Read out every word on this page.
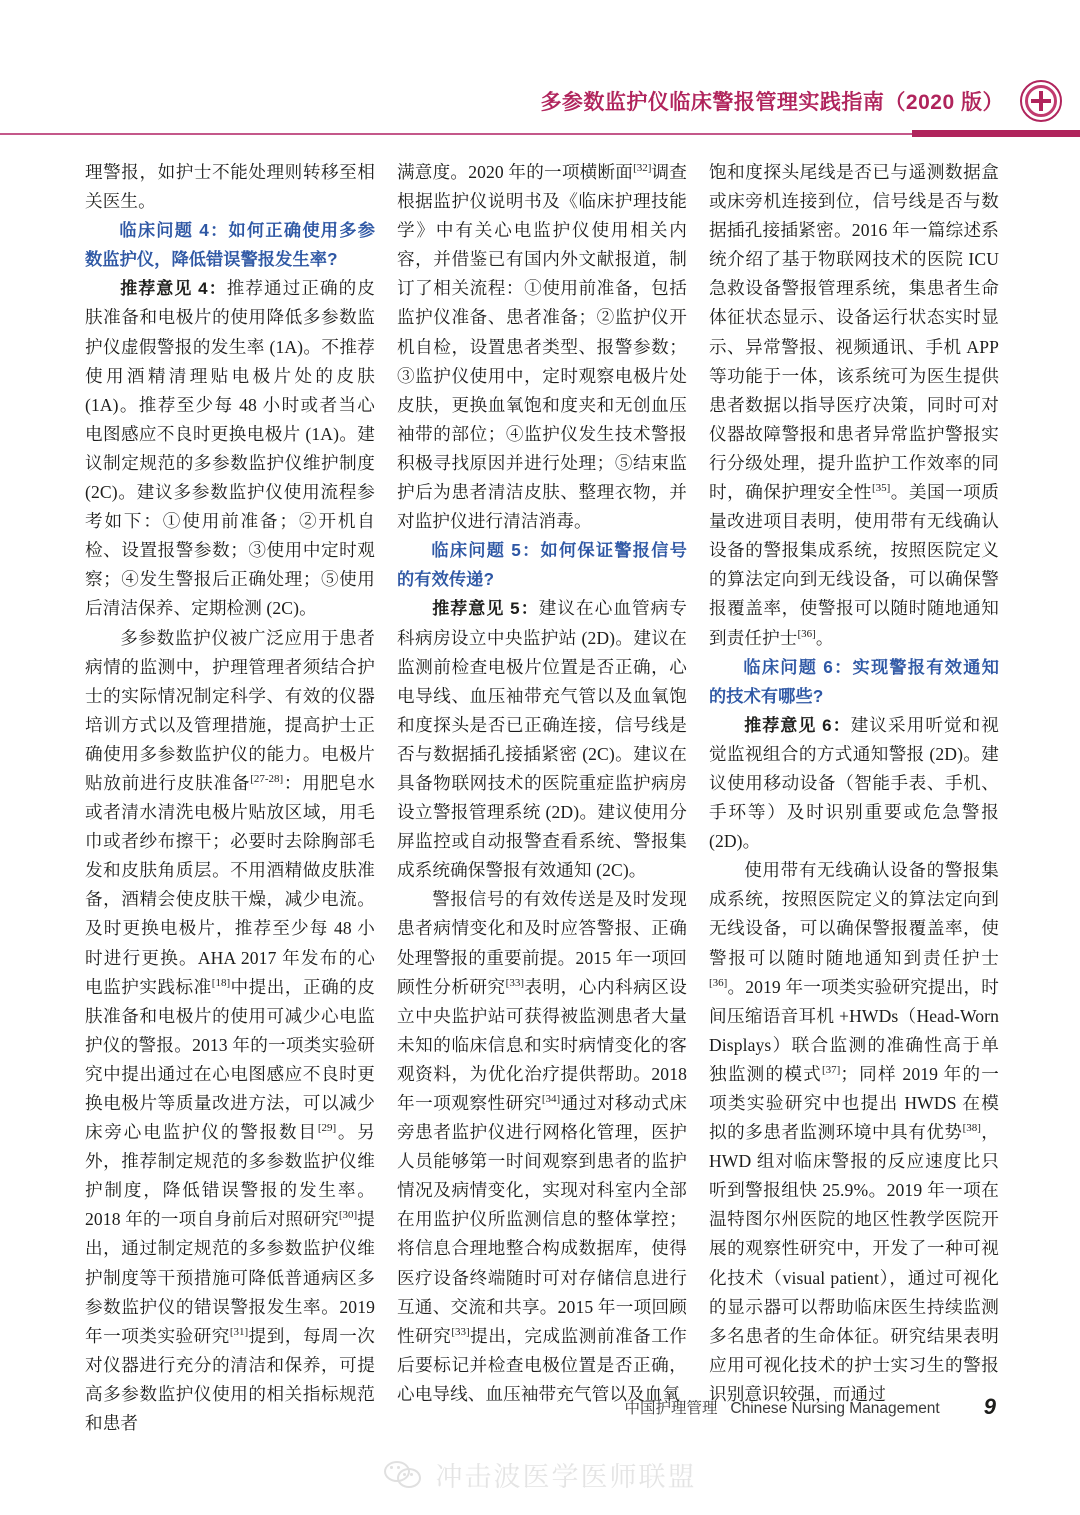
多参数监护仪临床警报管理实践指南（2020 版）

理警报，如护士不能处理则转移至相关医生。

临床问题 4：如何正确使用多参数监护仪，降低错误警报发生率?

推荐意见 4：推荐通过正确的皮肤准备和电极片的使用降低多参数监护仪虚假警报的发生率 (1A)。不推荐使用酒精清理贴电极片处的皮肤 (1A)。推荐至少每 48 小时或者当心电图感应不良时更换电极片 (1A)。建议制定规范的多参数监护仪维护制度 (2C)。建议多参数监护仪使用流程参考如下：①使用前准备；②开机自检、设置报警参数；③使用中定时观察；④发生警报后正确处理；⑤使用后清洁保养、定期检测 (2C)。

多参数监护仪被广泛应用于患者病情的监测中，护理管理者须结合护士的实际情况制定科学、有效的仪器培训方式以及管理措施，提高护士正确使用多参数监护仪的能力。电极片贴放前进行皮肤准备[27-28]：用肥皂水或者清水清洗电极片贴放区域，用毛巾或者纱布擦干；必要时去除胸部毛发和皮肤角质层。不用酒精做皮肤准备，酒精会使皮肤干燥，减少电流。及时更换电极片，推荐至少每 48 小时进行更换。AHA 2017 年发布的心电监护实践标准[18]中提出，正确的皮肤准备和电极片的使用可减少心电监护仪的警报。2013 年的一项类实验研究中提出通过在心电图感应不良时更换电极片等质量改进方法，可以减少床旁心电监护仪的警报数目[29]。另外，推荐制定规范的多参数监护仪维护制度，降低错误警报的发生率。2018 年的一项自身前后对照研究[30]提出，通过制定规范的多参数监护仪维护制度等干预措施可降低普通病区多参数监护仪的错误警报发生率。2019 年一项类实验研究[31]提到，每周一次对仪器进行充分的清洁和保养，可提高多参数监护仪使用的相关指标规范和患者

满意度。2020 年的一项横断面[32]调查根据监护仪说明书及《临床护理技能学》中有关心电监护仪使用相关内容，并借鉴已有国内外文献报道，制订了相关流程：①使用前准备，包括监护仪准备、患者准备；②监护仪开机自检，设置患者类型、报警参数；③监护仪使用中，定时观察电极片处皮肤，更换血氧饱和度夹和无创血压袖带的部位；④监护仪发生技术警报积极寻找原因并进行处理；⑤结束监护后为患者清洁皮肤、整理衣物，并对监护仪进行清洁消毒。

临床问题 5：如何保证警报信号的有效传递?

推荐意见 5：建议在心血管病专科病房设立中央监护站 (2D)。建议在监测前检查电极片位置是否正确，心电导线、血压袖带充气管以及血氧饱和度探头是否已正确连接，信号线是否与数据插孔接插紧密 (2C)。建议在具备物联网技术的医院重症监护病房设立警报管理系统 (2D)。建议使用分屏监控或自动报警查看系统、警报集成系统确保警报有效通知 (2C)。

警报信号的有效传送是及时发现患者病情变化和及时应答警报、正确处理警报的重要前提。2015 年一项回顾性分析研究[33]表明，心内科病区设立中央监护站可获得被监测患者大量未知的临床信息和实时病情变化的客观资料，为优化治疗提供帮助。2018 年一项观察性研究[34]通过对移动式床旁患者监护仪进行网格化管理，医护人员能够第一时间观察到患者的监护情况及病情变化，实现对科室内全部在用监护仪所监测信息的整体掌控；将信息合理地整合构成数据库，使得医疗设备终端随时可对存储信息进行互通、交流和共享。2015 年一项回顾性研究[33]提出，完成监测前准备工作后要标记并检查电极位置是否正确，心电导线、血压袖带充气管以及血氧

饱和度探头尾线是否已与遥测数据盒或床旁机连接到位，信号线是否与数据插孔接插紧密。2016 年一篇综述系统介绍了基于物联网技术的医院 ICU 急救设备警报管理系统，集患者生命体征状态显示、设备运行状态实时显示、异常警报、视频通讯、手机 APP 等功能于一体，该系统可为医生提供患者数据以指导医疗决策，同时可对仪器故障警报和患者异常监护警报实行分级处理，提升监护工作效率的同时，确保护理安全性[35]。美国一项质量改进项目表明，使用带有无线确认设备的警报集成系统，按照医院定义的算法定向到无线设备，可以确保警报覆盖率，使警报可以随时随地通知到责任护士[36]。

临床问题 6：实现警报有效通知的技术有哪些?

推荐意见 6：建议采用听觉和视觉监视组合的方式通知警报 (2D)。建议使用移动设备（智能手表、手机、手环等）及时识别重要或危急警报 (2D)。

使用带有无线确认设备的警报集成系统，按照医院定义的算法定向到无线设备，可以确保警报覆盖率，使警报可以随时随地通知到责任护士[36]。2019 年一项类实验研究提出，时间压缩语音耳机 +HWDs（Head-Worn Displays）联合监测的准确性高于单独监测的模式[37]；同样 2019 年的一项类实验研究中也提出 HWDS 在模拟的多患者监测环境中具有优势[38]，HWD 组对临床警报的反应速度比只听到警报组快 25.9%。2019 年一项在温特图尔州医院的地区性教学医院开展的观察性研究中，开发了一种可视化技术（visual patient），通过可视化的显示器可以帮助临床医生持续监测多名患者的生命体征。研究结果表明应用可视化技术的护士实习生的警报识别意识较强，而通过

中国护理管理 Chinese Nursing Management 9
冲击波医学医师联盟
